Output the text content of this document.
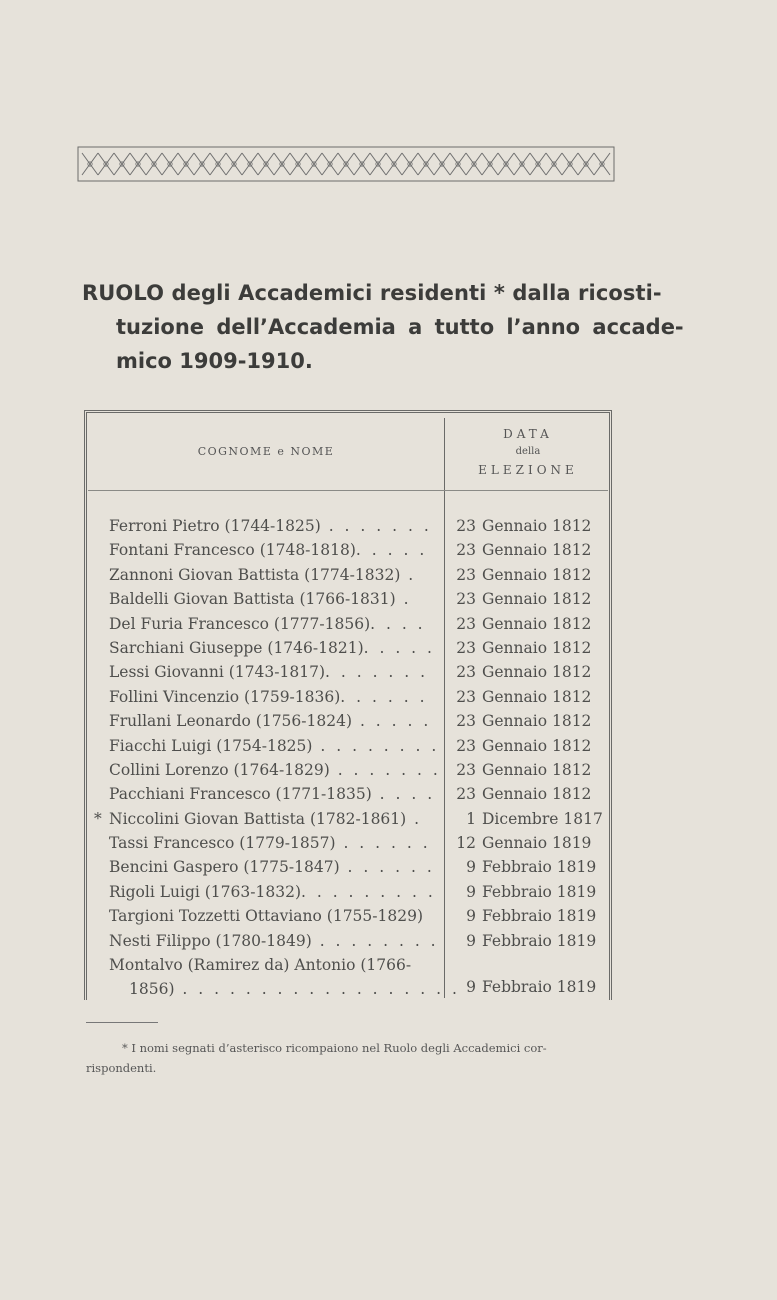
RUOLO degli Accademici residenti * dalla ricosti-
tuzione dell’Accademia a tutto l’anno accade-
mico 1909-1910.
COGNOME e NOME
DATA
della
ELEZIONE
Ferroni Pietro (1744-1825) . . . . . . .	23 Gennaio 1812
Fontani Francesco (1748-1818). . . . .	23 Gennaio 1812
Zannoni Giovan Battista (1774-1832) .	23 Gennaio 1812
Baldelli Giovan Battista (1766-1831) .	23 Gennaio 1812
Del Furia Francesco (1777-1856). . . .	23 Gennaio 1812
Sarchiani Giuseppe (1746-1821). . . . .	23 Gennaio 1812
Lessi Giovanni (1743-1817). . . . . . .	23 Gennaio 1812
Follini Vincenzio (1759-1836). . . . . .	23 Gennaio 1812
Frullani Leonardo (1756-1824) . . . . .	23 Gennaio 1812
Fiacchi Luigi (1754-1825) . . . . . . . .	23 Gennaio 1812
Collini Lorenzo (1764-1829) . . . . . . .	23 Gennaio 1812
Pacchiani Francesco (1771-1835) . . . .	23 Gennaio 1812
* Niccolini Giovan Battista (1782-1861) .	1 Dicembre 1817
Tassi Francesco (1779-1857) . . . . . .	12 Gennaio 1819
Bencini Gaspero (1775-1847) . . . . . .	9 Febbraio 1819
Rigoli Luigi (1763-1832). . . . . . . . .	9 Febbraio 1819
Targioni Tozzetti Ottaviano (1755-1829)	9 Febbraio 1819
Nesti Filippo (1780-1849) . . . . . . . .	9 Febbraio 1819
Montalvo (Ramirez da) Antonio (1766-
1856) . . . . . . . . . . . . . . . . . . 9 Febbraio 1819
* I nomi segnati d’asterisco ricompaiono nel Ruolo degli Accademici cor-
rispondenti.
